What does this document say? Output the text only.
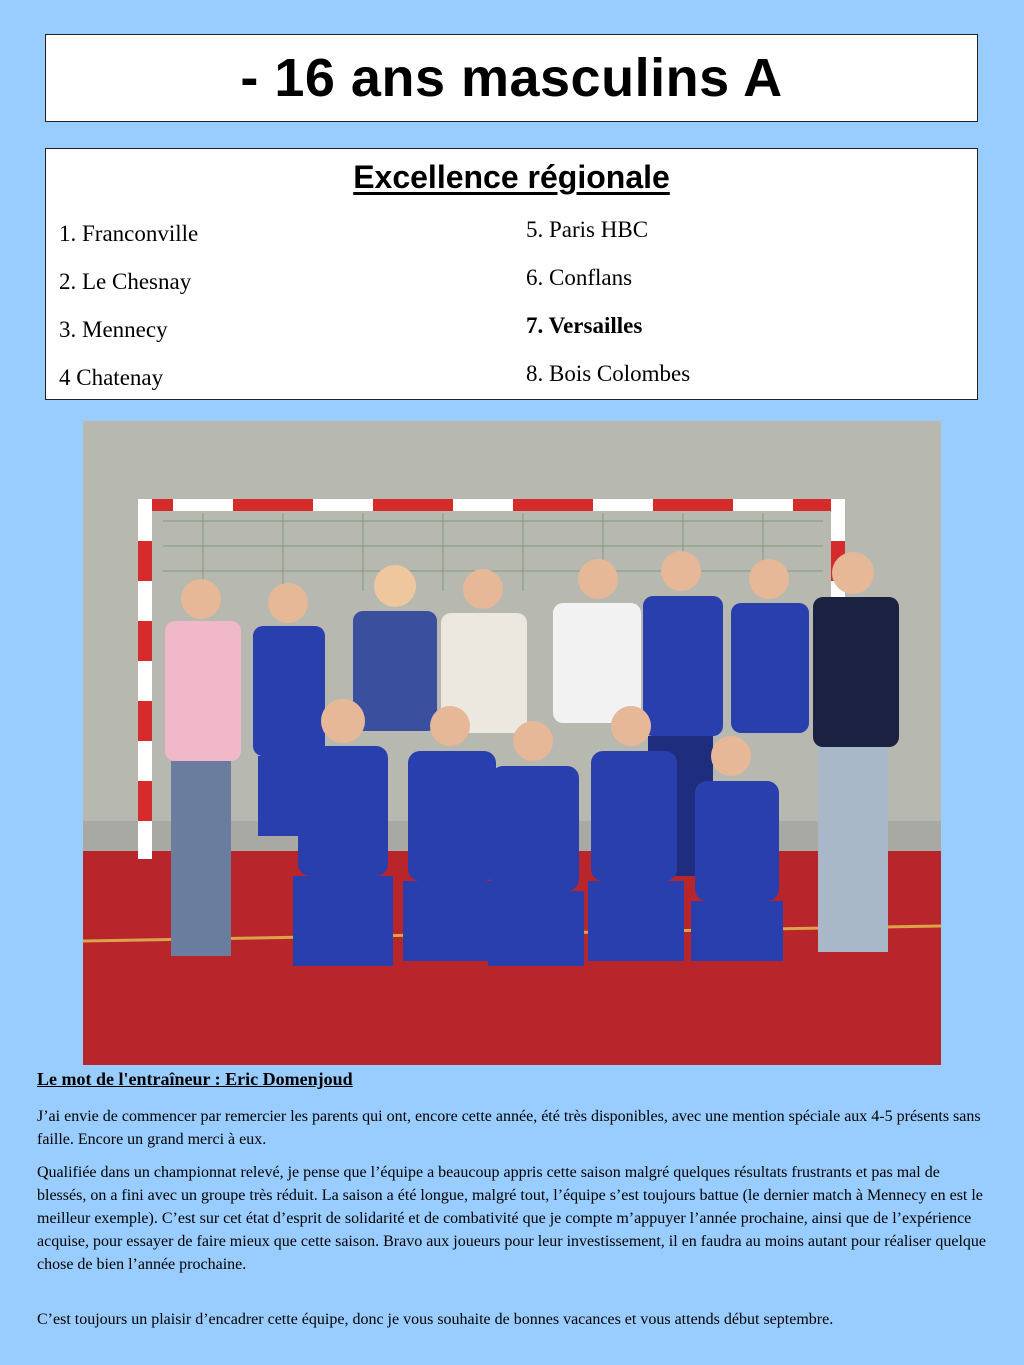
- 16 ans masculins A
Excellence régionale
1. Franconville
2. Le Chesnay
3. Mennecy
4 Chatenay
5. Paris HBC
6. Conflans
7. Versailles
8. Bois Colombes
Le mot de l'entraîneur : Eric Domenjoud

J’ai envie de commencer par remercier les parents qui ont, encore cette année, été très disponibles, avec une mention spéciale aux 4-5 présents sans faille. Encore un grand merci à eux.

Qualifiée dans un championnat relevé, je pense que l’équipe a beaucoup appris cette saison malgré quelques résultats frustrants et pas mal de blessés, on a fini avec un groupe très réduit. La saison a été longue, malgré tout, l’équipe s’est toujours battue (le dernier match à Mennecy en est le meilleur exemple). C’est sur cet état d’esprit de solidarité et de combativité que je compte m’appuyer l’année prochaine, ainsi que de l’expérience acquise, pour essayer de faire mieux que cette saison. Bravo aux joueurs pour leur investissement, il en faudra au moins autant pour réaliser quelque chose de bien l’année prochaine.

C’est toujours un plaisir d’encadrer cette équipe, donc je vous souhaite de bonnes vacances et vous attends début septembre.
